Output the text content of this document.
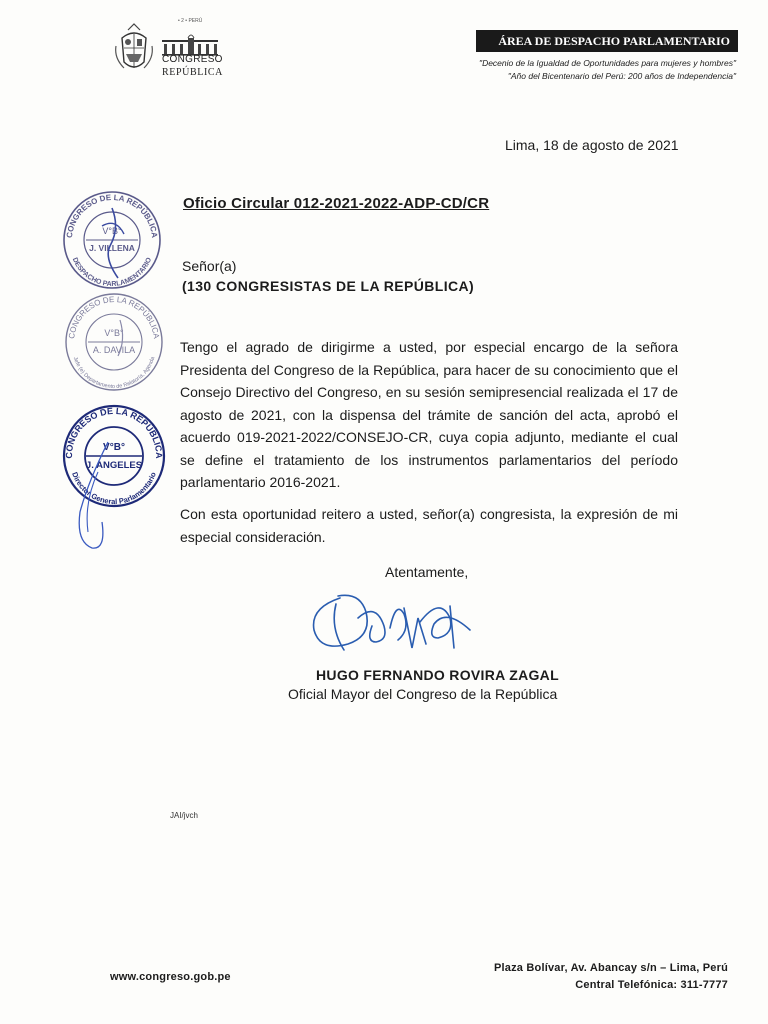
• 2 • PERÚ
CONGRESO
REPÚBLICA
ÁREA DE DESPACHO PARLAMENTARIO
"Decenio de la Igualdad de Oportunidades para mujeres y hombres"
"Año del Bicentenario del Perú: 200 años de Independencia"
Lima, 18 de agosto de 2021
Oficio Circular 012-2021-2022-ADP-CD/CR
Señor(a)
(130 CONGRESISTAS DE LA REPÚBLICA)
Tengo el agrado de dirigirme a usted, por especial encargo de la señora Presidenta del Congreso de la República, para hacer de su conocimiento que el Consejo Directivo del Congreso, en su sesión semipresencial realizada el 17 de agosto de 2021, con la dispensa del trámite de sanción del acta, aprobó el acuerdo 019-2021-2022/CONSEJO-CR, cuya copia adjunto, mediante el cual se define el tratamiento de los instrumentos parlamentarios del período parlamentario 2016-2021.
Con esta oportunidad reitero a usted, señor(a) congresista, la expresión de mi especial consideración.
Atentamente,
HUGO FERNANDO ROVIRA ZAGAL
Oficial Mayor del Congreso de la República
JAI/jvch
CONGRESO DE LA REPÚBLICA
DESPACHO PARLAMENTARIO
V°B°
J. VILLENA
CONGRESO DE LA REPÚBLICA
Jefe (e) Departamento de Relatoría, Agenda
V°B°
A. DAVILA
CONGRESO DE LA REPÚBLICA
Director General Parlamentario
V°B°
J. ANGELES
www.congreso.gob.pe
Plaza Bolívar, Av. Abancay s/n – Lima, Perú
Central Telefónica: 311-7777
